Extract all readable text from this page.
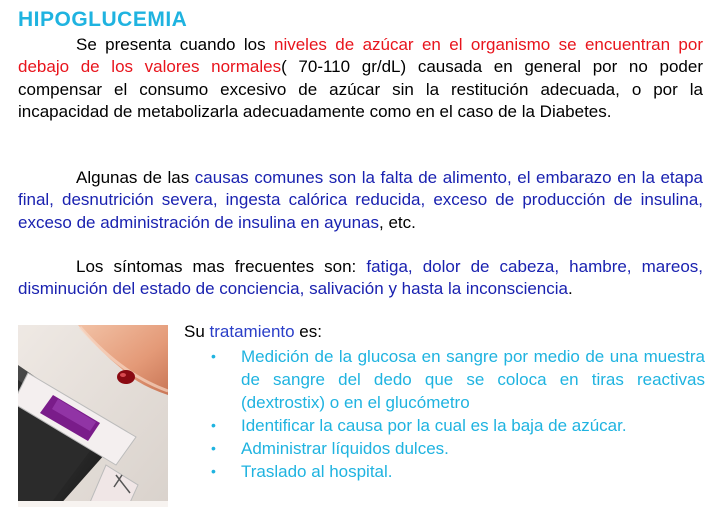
HIPOGLUCEMIA
Se presenta cuando los niveles de azúcar en el organismo se encuentran por debajo de los valores normales( 70-110 gr/dL) causada en general por no poder compensar el consumo excesivo de azúcar sin la restitución adecuada, o por la incapacidad de metabolizarla adecuadamente como en el caso de la Diabetes.
Algunas de las causas comunes son la falta de alimento, el embarazo en la etapa final, desnutrición severa, ingesta calórica reducida, exceso de producción de insulina, exceso de administración de insulina en ayunas, etc.
Los síntomas mas frecuentes son: fatiga, dolor de cabeza, hambre, mareos, disminución del estado de conciencia, salivación y hasta la inconsciencia.
Su tratamiento es:
• Medición de la glucosa en sangre por medio de una muestra de sangre del dedo que se coloca en tiras reactivas (dextrostix) o en el glucómetro
• Identificar la causa por la cual es la baja de azúcar.
• Administrar líquidos dulces.
• Traslado al hospital.
